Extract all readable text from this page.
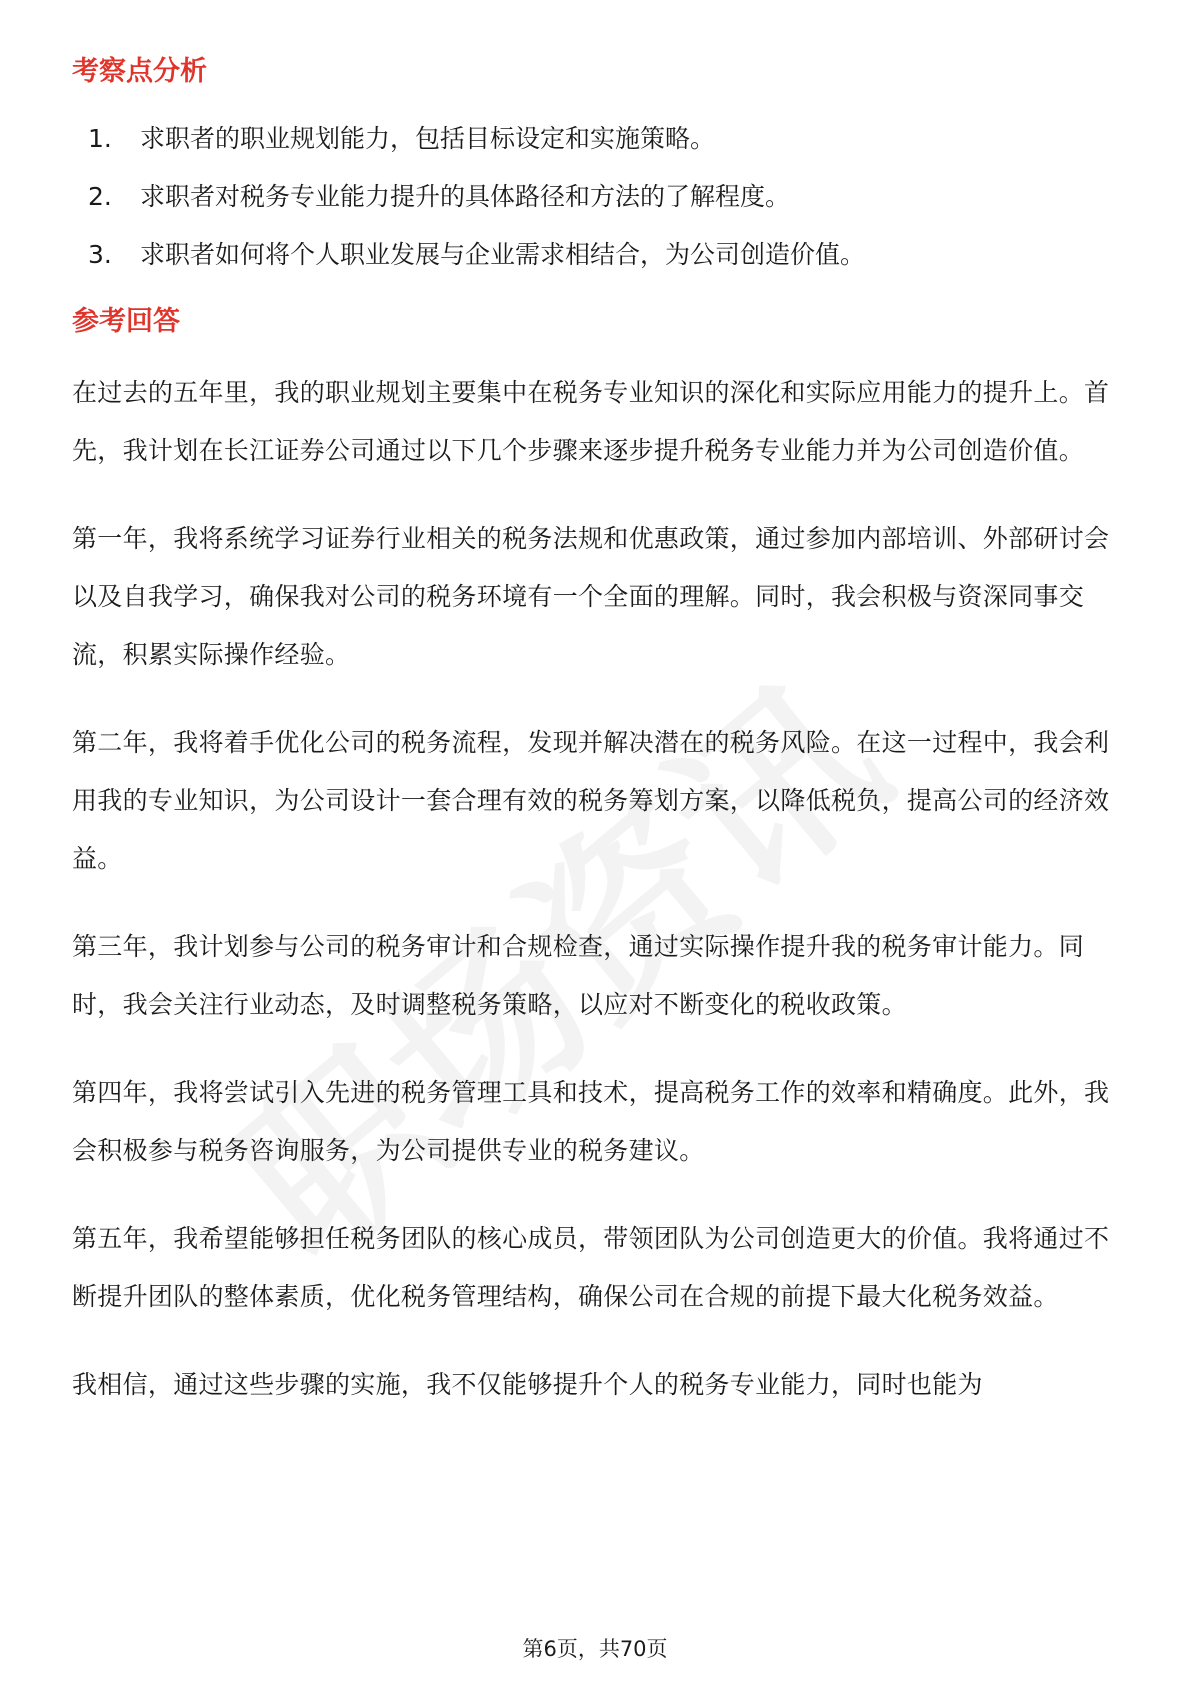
考察点分析
1.	求职者的职业规划能力，包括目标设定和实施策略。
2.	求职者对税务专业能力提升的具体路径和方法的了解程度。
3.	求职者如何将个人职业发展与企业需求相结合，为公司创造价值。
参考回答

在过去的五年里，我的职业规划主要集中在税务专业知识的深化和实际应用能力的提升上。首先，我计划在长江证券公司通过以下几个步骤来逐步提升税务专业能力并为公司创造价值。

第一年，我将系统学习证券行业相关的税务法规和优惠政策，通过参加内部培训、外部研讨会以及自我学习，确保我对公司的税务环境有一个全面的理解。同时，我会积极与资深同事交流，积累实际操作经验。

第二年，我将着手优化公司的税务流程，发现并解决潜在的税务风险。在这一过程中，我会利用我的专业知识，为公司设计一套合理有效的税务筹划方案，以降低税负，提高公司的经济效益。

第三年，我计划参与公司的税务审计和合规检查，通过实际操作提升我的税务审计能力。同时，我会关注行业动态，及时调整税务策略，以应对不断变化的税收政策。

第四年，我将尝试引入先进的税务管理工具和技术，提高税务工作的效率和精确度。此外，我会积极参与税务咨询服务，为公司提供专业的税务建议。

第五年，我希望能够担任税务团队的核心成员，带领团队为公司创造更大的价值。我将通过不断提升团队的整体素质，优化税务管理结构，确保公司在合规的前提下最大化税务效益。

我相信，通过这些步骤的实施，我不仅能够提升个人的税务专业能力，同时也能为

第6页，共70页
